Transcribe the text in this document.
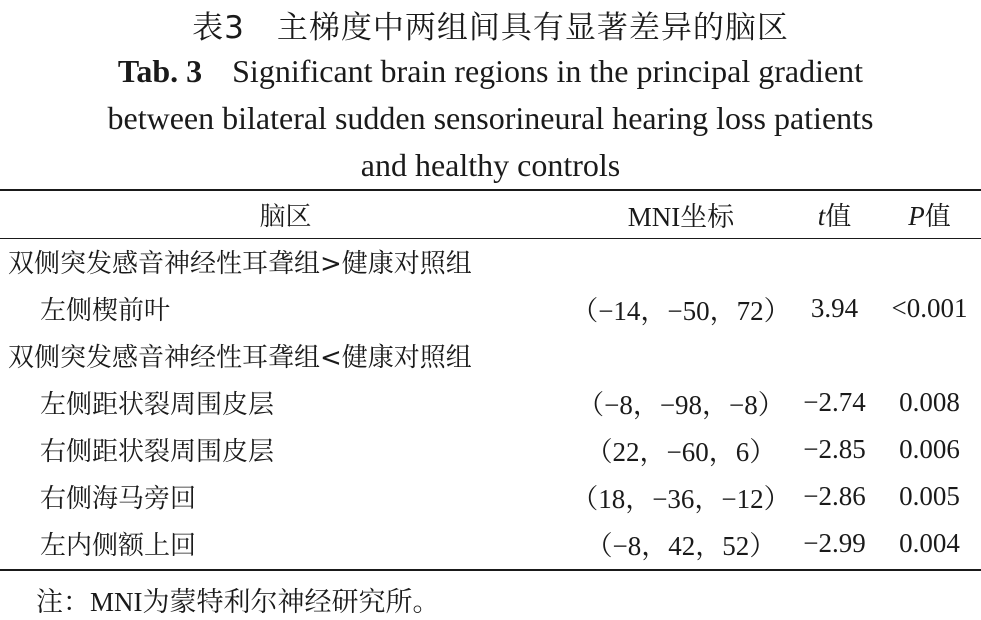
表3　主梯度中两组间具有显著差异的脑区
Tab. 3 Significant brain regions in the principal gradient
between bilateral sudden sensorineural hearing loss patients
and healthy controls
脑区	MNI坐标	t值	P值
双侧突发感音神经性耳聋组>健康对照组			
左侧楔前叶	（−14，−50，72）	3.94	<0.001
双侧突发感音神经性耳聋组<健康对照组			
左侧距状裂周围皮层	（−8，−98，−8）	−2.74	0.008
右侧距状裂周围皮层	（22，−60，6）	−2.85	0.006
右侧海马旁回	（18，−36，−12）	−2.86	0.005
左内侧额上回	（−8，42，52）	−2.99	0.004
注：MNI为蒙特利尔神经研究所。
